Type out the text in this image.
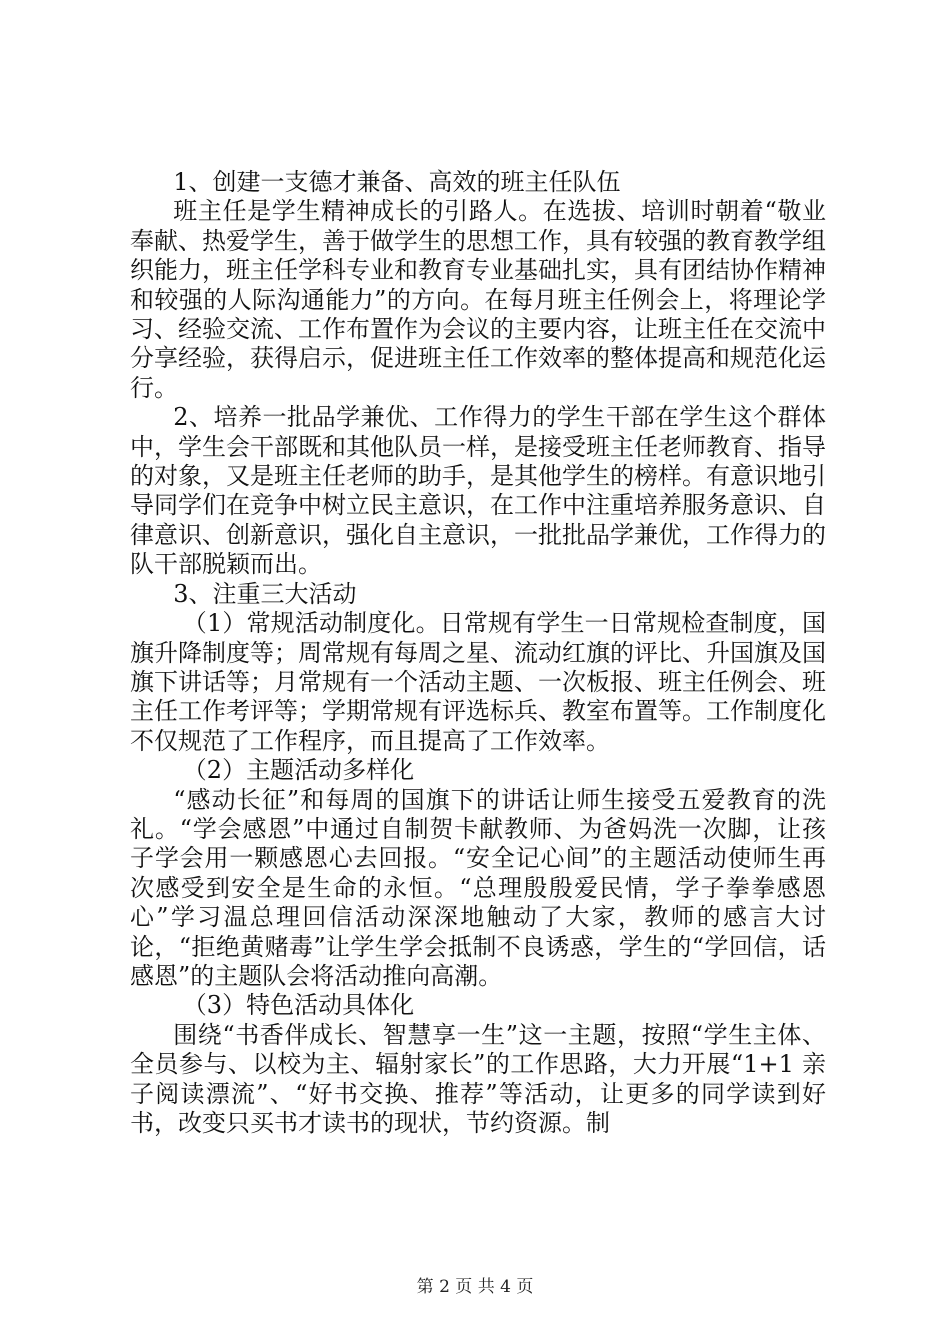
1、创建一支德才兼备、高效的班主任队伍

班主任是学生精神成长的引路人。在选拔、培训时朝着“敬业奉献、热爱学生，善于做学生的思想工作，具有较强的教育教学组织能力，班主任学科专业和教育专业基础扎实，具有团结协作精神和较强的人际沟通能力”的方向。在每月班主任例会上，将理论学习、经验交流、工作布置作为会议的主要内容，让班主任在交流中分享经验，获得启示，促进班主任工作效率的整体提高和规范化运行。

2、培养一批品学兼优、工作得力的学生干部在学生这个群体中，学生会干部既和其他队员一样，是接受班主任老师教育、指导的对象，又是班主任老师的助手，是其他学生的榜样。有意识地引导同学们在竞争中树立民主意识，在工作中注重培养服务意识、自律意识、创新意识，强化自主意识，一批批品学兼优，工作得力的队干部脱颖而出。

3、注重三大活动

（1）常规活动制度化。日常规有学生一日常规检查制度，国旗升降制度等；周常规有每周之星、流动红旗的评比、升国旗及国旗下讲话等；月常规有一个活动主题、一次板报、班主任例会、班主任工作考评等；学期常规有评选标兵、教室布置等。工作制度化不仅规范了工作程序，而且提高了工作效率。

（2）主题活动多样化

“感动长征”和每周的国旗下的讲话让师生接受五爱教育的洗礼。“学会感恩”中通过自制贺卡献教师、为爸妈洗一次脚，让孩子学会用一颗感恩心去回报。“安全记心间”的主题活动使师生再次感受到安全是生命的永恒。“总理殷殷爱民情，学子拳拳感恩心”学习温总理回信活动深深地触动了大家，教师的感言大讨论，“拒绝黄赌毒”让学生学会抵制不良诱惑，学生的“学回信，话感恩”的主题队会将活动推向高潮。

（3）特色活动具体化

围绕“书香伴成长、智慧享一生”这一主题，按照“学生主体、全员参与、以校为主、辐射家长”的工作思路，大力开展“1+1 亲子阅读漂流”、“好书交换、推荐”等活动，让更多的同学读到好书，改变只买书才读书的现状，节约资源。制

第 2 页 共 4 页
